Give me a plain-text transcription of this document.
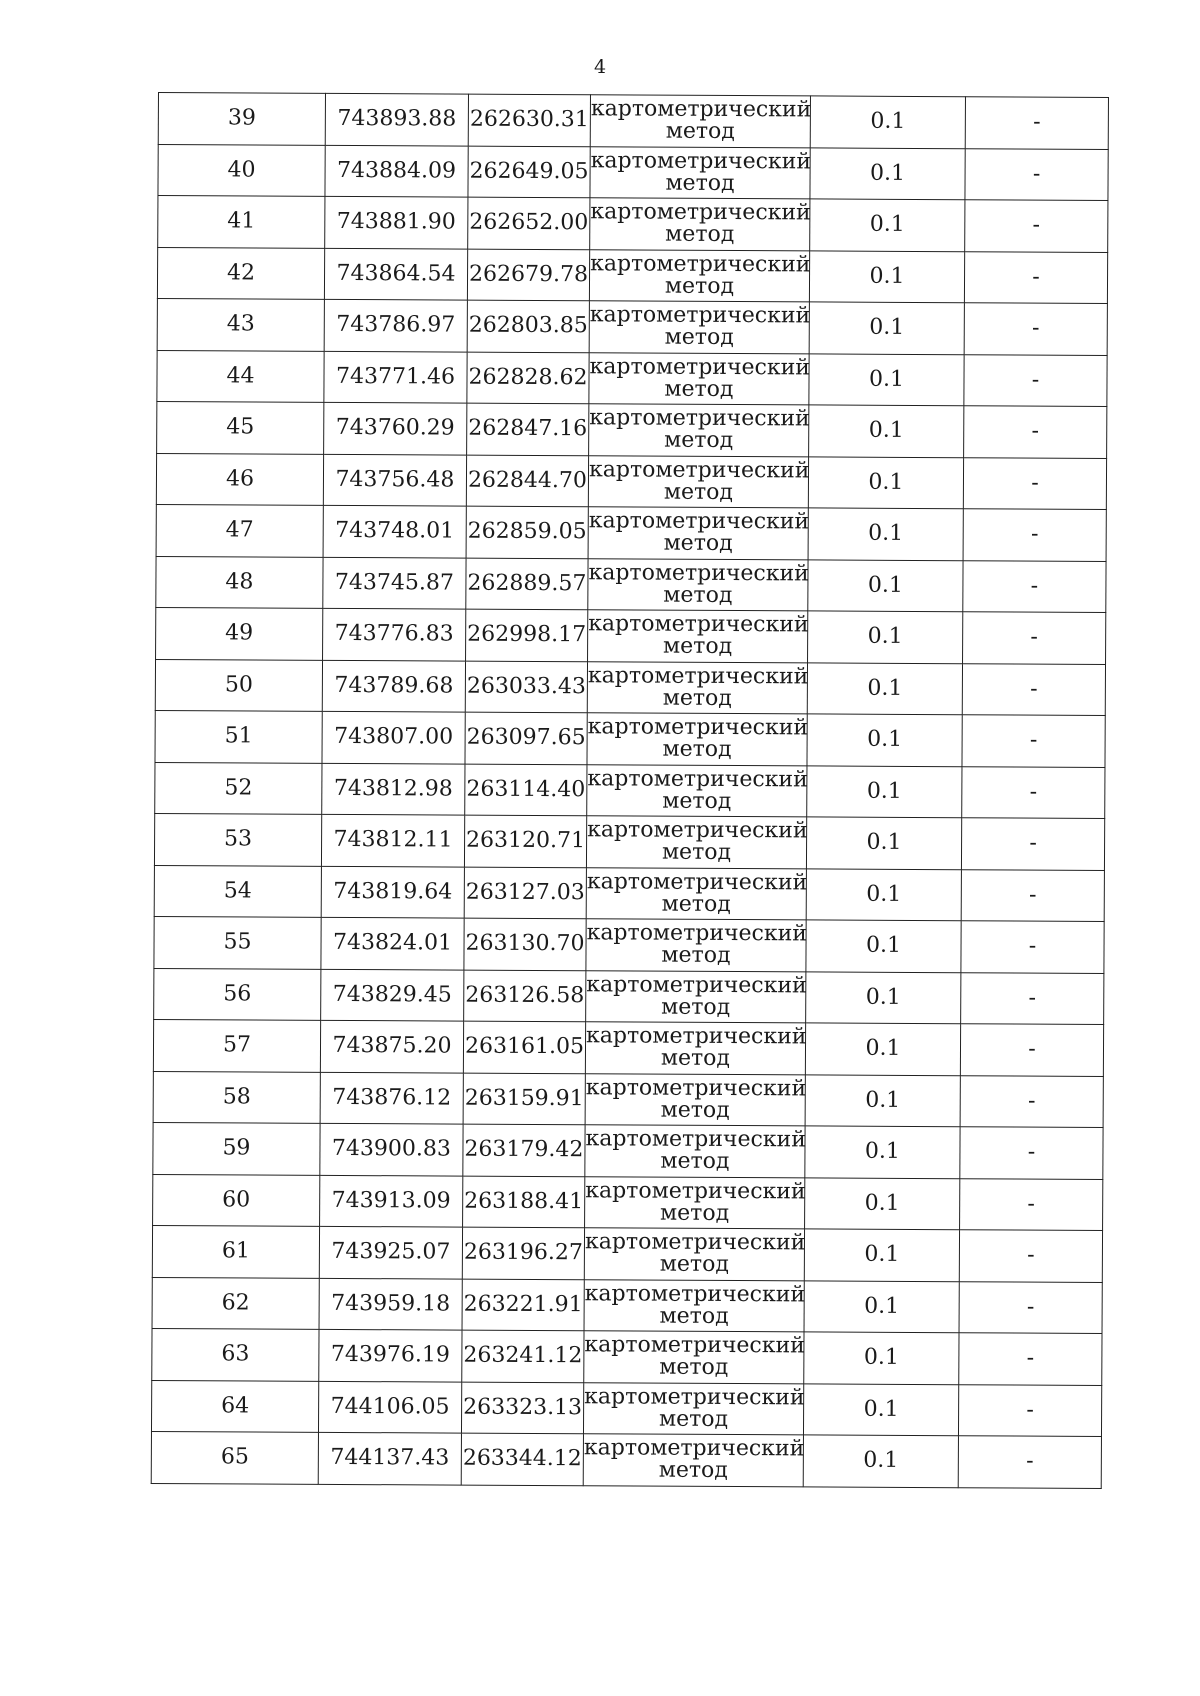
4
39	743893.88	262630.31	картометрический
метод	0.1	-
40	743884.09	262649.05	картометрический
метод	0.1	-
41	743881.90	262652.00	картометрический
метод	0.1	-
42	743864.54	262679.78	картометрический
метод	0.1	-
43	743786.97	262803.85	картометрический
метод	0.1	-
44	743771.46	262828.62	картометрический
метод	0.1	-
45	743760.29	262847.16	картометрический
метод	0.1	-
46	743756.48	262844.70	картометрический
метод	0.1	-
47	743748.01	262859.05	картометрический
метод	0.1	-
48	743745.87	262889.57	картометрический
метод	0.1	-
49	743776.83	262998.17	картометрический
метод	0.1	-
50	743789.68	263033.43	картометрический
метод	0.1	-
51	743807.00	263097.65	картометрический
метод	0.1	-
52	743812.98	263114.40	картометрический
метод	0.1	-
53	743812.11	263120.71	картометрический
метод	0.1	-
54	743819.64	263127.03	картометрический
метод	0.1	-
55	743824.01	263130.70	картометрический
метод	0.1	-
56	743829.45	263126.58	картометрический
метод	0.1	-
57	743875.20	263161.05	картометрический
метод	0.1	-
58	743876.12	263159.91	картометрический
метод	0.1	-
59	743900.83	263179.42	картометрический
метод	0.1	-
60	743913.09	263188.41	картометрический
метод	0.1	-
61	743925.07	263196.27	картометрический
метод	0.1	-
62	743959.18	263221.91	картометрический
метод	0.1	-
63	743976.19	263241.12	картометрический
метод	0.1	-
64	744106.05	263323.13	картометрический
метод	0.1	-
65	744137.43	263344.12	картометрический
метод	0.1	-
